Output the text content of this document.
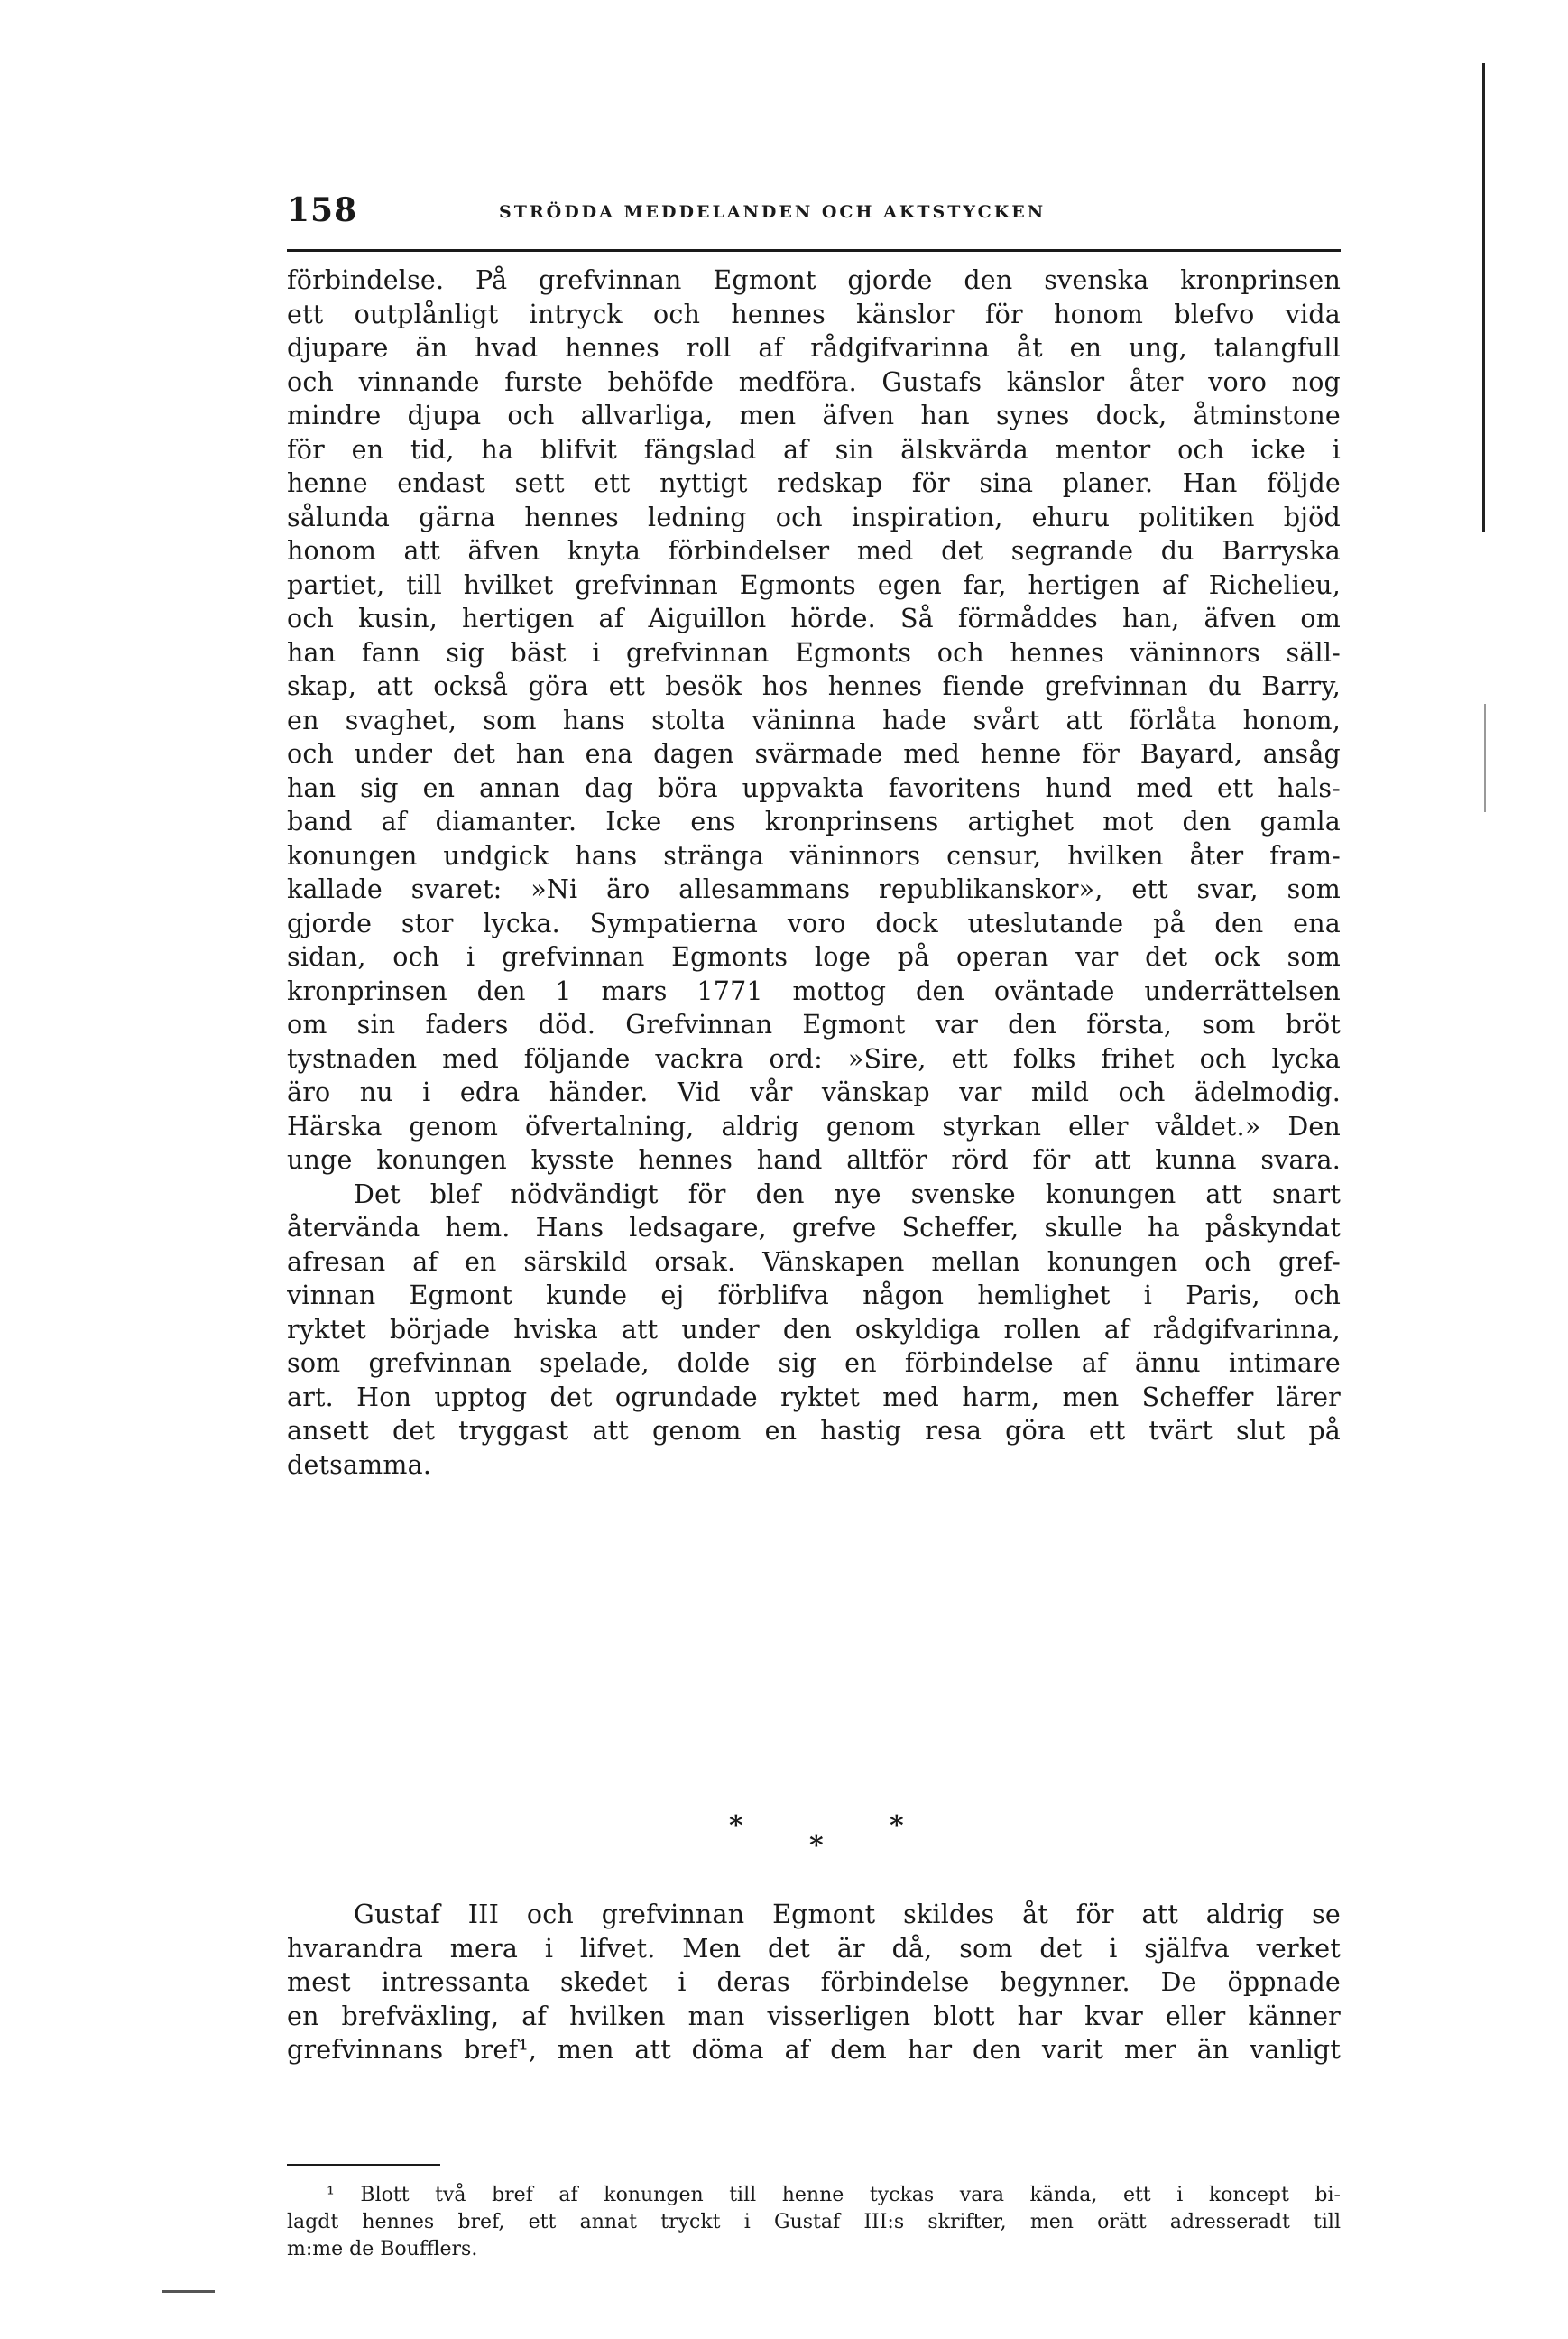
158	STRÖDDA MEDDELANDEN OCH AKTSTYCKEN
förbindelse. På grefvinnan Egmont gjorde den svenska kronprinsen
ett outplånligt intryck och hennes känslor för honom blefvo vida
djupare än hvad hennes roll af rådgifvarinna åt en ung, talangfull
och vinnande furste behöfde medföra. Gustafs känslor åter voro nog
mindre djupa och allvarliga, men äfven han synes dock, åtminstone
för en tid, ha blifvit fängslad af sin älskvärda mentor och icke i
henne endast sett ett nyttigt redskap för sina planer. Han följde
sålunda gärna hennes ledning och inspiration, ehuru politiken bjöd
honom att äfven knyta förbindelser med det segrande du Barryska
partiet, till hvilket grefvinnan Egmonts egen far, hertigen af Richelieu,
och kusin, hertigen af Aiguillon hörde. Så förmåddes han, äfven om
han fann sig bäst i grefvinnan Egmonts och hennes väninnors säll-
skap, att också göra ett besök hos hennes fiende grefvinnan du Barry,
en svaghet, som hans stolta väninna hade svårt att förlåta honom,
och under det han ena dagen svärmade med henne för Bayard, ansåg
han sig en annan dag böra uppvakta favoritens hund med ett hals-
band af diamanter. Icke ens kronprinsens artighet mot den gamla
konungen undgick hans stränga väninnors censur, hvilken åter fram-
kallade svaret: »Ni äro allesammans republikanskor», ett svar, som
gjorde stor lycka. Sympatierna voro dock uteslutande på den ena
sidan, och i grefvinnan Egmonts loge på operan var det ock som
kronprinsen den 1 mars 1771 mottog den oväntade underrättelsen
om sin faders död. Grefvinnan Egmont var den första, som bröt
tystnaden med följande vackra ord: »Sire, ett folks frihet och lycka
äro nu i edra händer. Vid vår vänskap var mild och ädelmodig.
Härska genom öfvertalning, aldrig genom styrkan eller våldet.» Den
unge konungen kysste hennes hand alltför rörd för att kunna svara.
Det blef nödvändigt för den nye svenske konungen att snart
återvända hem. Hans ledsagare, grefve Scheffer, skulle ha påskyndat
afresan af en särskild orsak. Vänskapen mellan konungen och gref-
vinnan Egmont kunde ej förblifva någon hemlighet i Paris, och
ryktet började hviska att under den oskyldiga rollen af rådgifvarinna,
som grefvinnan spelade, dolde sig en förbindelse af ännu intimare
art. Hon upptog det ogrundade ryktet med harm, men Scheffer lärer
ansett det tryggast att genom en hastig resa göra ett tvärt slut på
detsamma.
*	*
*
Gustaf III och grefvinnan Egmont skildes åt för att aldrig se
hvarandra mera i lifvet. Men det är då, som det i själfva verket
mest intressanta skedet i deras förbindelse begynner. De öppnade
en brefväxling, af hvilken man visserligen blott har kvar eller känner
grefvinnans bref¹, men att döma af dem har den varit mer än vanligt
¹ Blott två bref af konungen till henne tyckas vara kända, ett i koncept bi-
lagdt hennes bref, ett annat tryckt i Gustaf III:s skrifter, men orätt adresseradt till
m:me de Boufflers.
